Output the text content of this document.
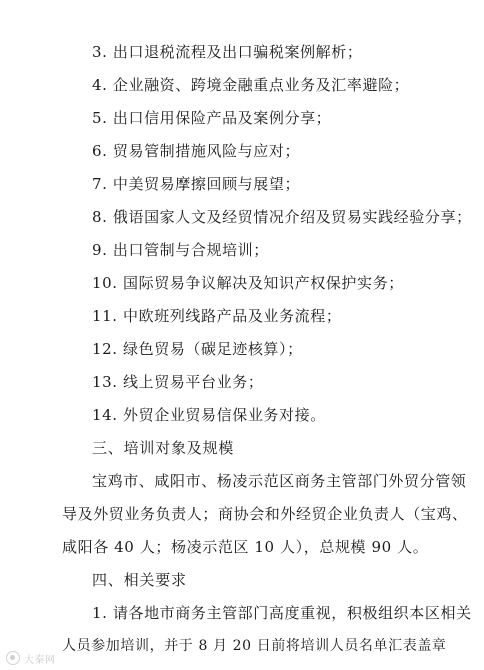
3. 出口退税流程及出口骗税案例解析；
4. 企业融资、跨境金融重点业务及汇率避险；
5. 出口信用保险产品及案例分享；
6. 贸易管制措施风险与应对；
7. 中美贸易摩擦回顾与展望；
8. 俄语国家人文及经贸情况介绍及贸易实践经验分享；
9. 出口管制与合规培训；
10. 国际贸易争议解决及知识产权保护实务；
11. 中欧班列线路产品及业务流程；
12. 绿色贸易（碳足迹核算）；
13. 线上贸易平台业务；
14. 外贸企业贸易信保业务对接。
三、培训对象及规模
宝鸡市、咸阳市、杨凌示范区商务主管部门外贸分管领
导及外贸业务负责人；商协会和外经贸企业负责人（宝鸡、
咸阳各 40 人；杨凌示范区 10 人），总规模 90 人。
四、相关要求
1. 请各地市商务主管部门高度重视，积极组织本区相关
人员参加培训，并于 8 月 20 日前将培训人员名单汇表盖章
大秦网
